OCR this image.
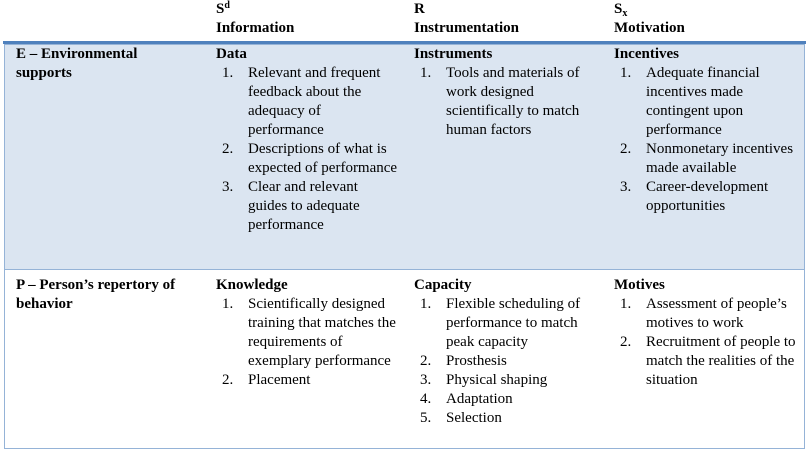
$S^d$
Information
R
Instrumentation
$S_x$
Motivation
E – Environmental supports
Data
1. Relevant and frequent feedback about the adequacy of performance
2. Descriptions of what is expected of performance
3. Clear and relevant guides to adequate performance
Instruments
1. Tools and materials of work designed scientifically to match human factors
Incentives
1. Adequate financial incentives made contingent upon performance
2. Nonmonetary incentives made available
3. Career-development opportunities
P – Person’s repertory of behavior
Knowledge
1. Scientifically designed training that matches the requirements of exemplary performance
2. Placement
Capacity
1. Flexible scheduling of performance to match peak capacity
2. Prosthesis
3. Physical shaping
4. Adaptation
5. Selection
Motives
1. Assessment of people’s motives to work
2. Recruitment of people to match the realities of the situation
